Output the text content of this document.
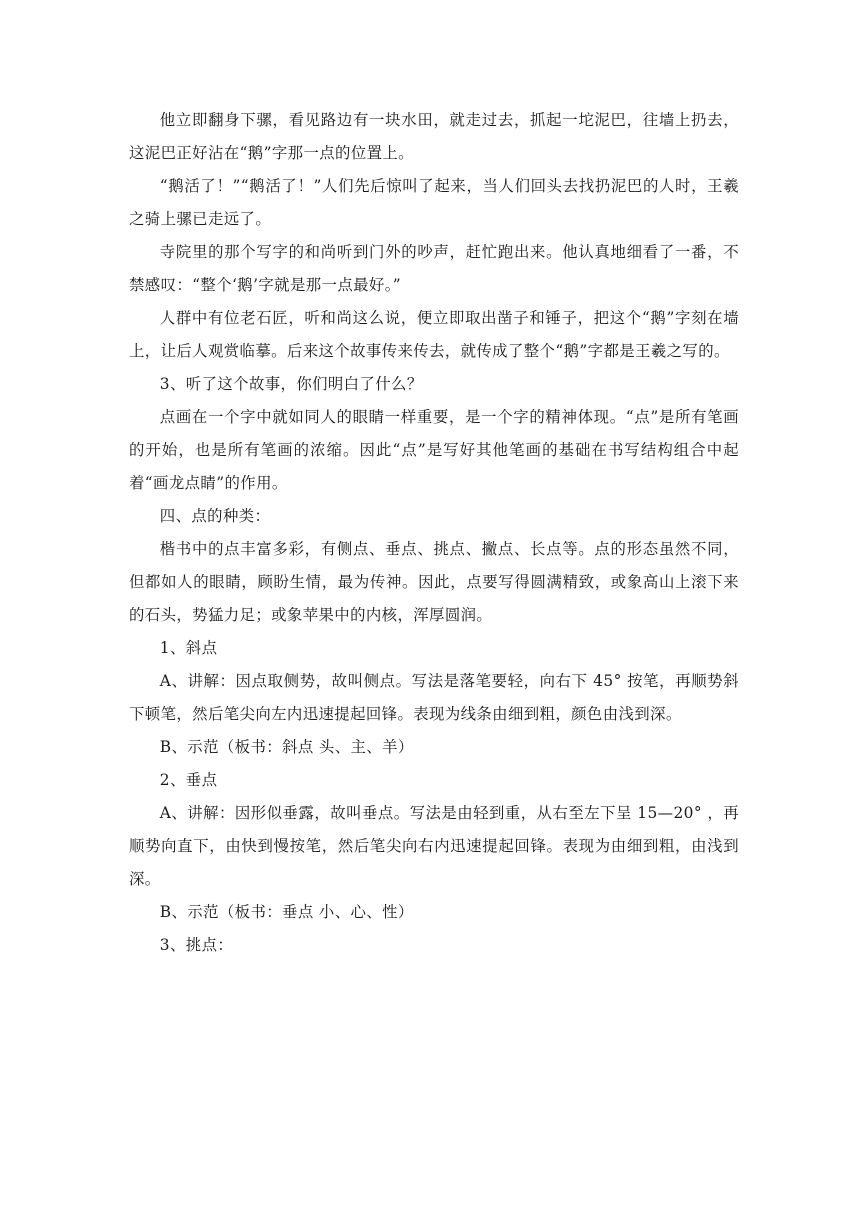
他立即翻身下骡，看见路边有一块水田，就走过去，抓起一坨泥巴，往墙上扔去，这泥巴正好沾在“鹅”字那一点的位置上。

“鹅活了！”“鹅活了！”人们先后惊叫了起来，当人们回头去找扔泥巴的人时，王羲之骑上骡已走远了。

寺院里的那个写字的和尚听到门外的吵声，赶忙跑出来。他认真地细看了一番，不禁感叹：“整个‘鹅’字就是那一点最好。”

人群中有位老石匠，听和尚这么说，便立即取出凿子和锤子，把这个“鹅”字刻在墙上，让后人观赏临摹。后来这个故事传来传去，就传成了整个“鹅”字都是王羲之写的。

3、听了这个故事，你们明白了什么？

点画在一个字中就如同人的眼睛一样重要，是一个字的精神体现。“点”是所有笔画的开始，也是所有笔画的浓缩。因此“点”是写好其他笔画的基础在书写结构组合中起着“画龙点睛”的作用。

四、点的种类：

楷书中的点丰富多彩，有侧点、垂点、挑点、撇点、长点等。点的形态虽然不同，但都如人的眼睛，顾盼生情，最为传神。因此，点要写得圆满精致，或象高山上滚下来的石头，势猛力足；或象苹果中的内核，浑厚圆润。

1、斜点

A、讲解：因点取侧势，故叫侧点。写法是落笔要轻，向右下 45° 按笔，再顺势斜下顿笔，然后笔尖向左内迅速提起回锋。表现为线条由细到粗，颜色由浅到深。

B、示范（板书：斜点 头、主、羊）

2、垂点

A、讲解：因形似垂露，故叫垂点。写法是由轻到重，从右至左下呈 15—20° ，再顺势向直下，由快到慢按笔，然后笔尖向右内迅速提起回锋。表现为由细到粗，由浅到深。

B、示范（板书：垂点 小、心、性）

3、挑点：
